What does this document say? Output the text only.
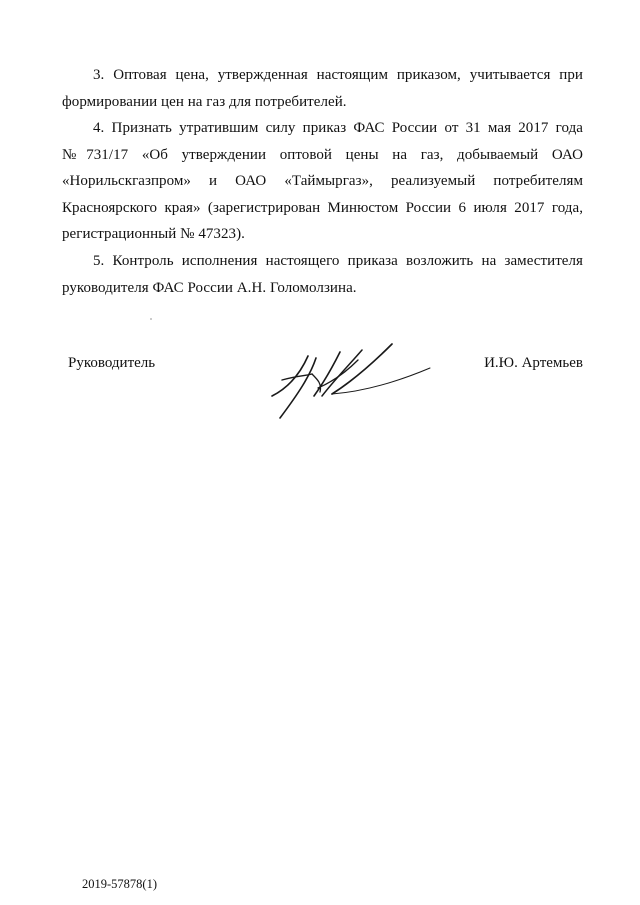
3. Оптовая цена, утвержденная настоящим приказом, учитывается при формировании цен на газ для потребителей.

4. Признать утратившим силу приказ ФАС России от 31 мая 2017 года №731/17 «Об утверждении оптовой цены на газ, добываемый ОАО «Норильскгазпром» и ОАО «Таймыргаз», реализуемый потребителям Красноярского края» (зарегистрирован Минюстом России 6 июля 2017 года, регистрационный № 47323).

5. Контроль исполнения настоящего приказа возложить на заместителя руководителя ФАС России А.Н. Голомолзина.

Руководитель	И.Ю. Артемьев
2019-57878(1)
